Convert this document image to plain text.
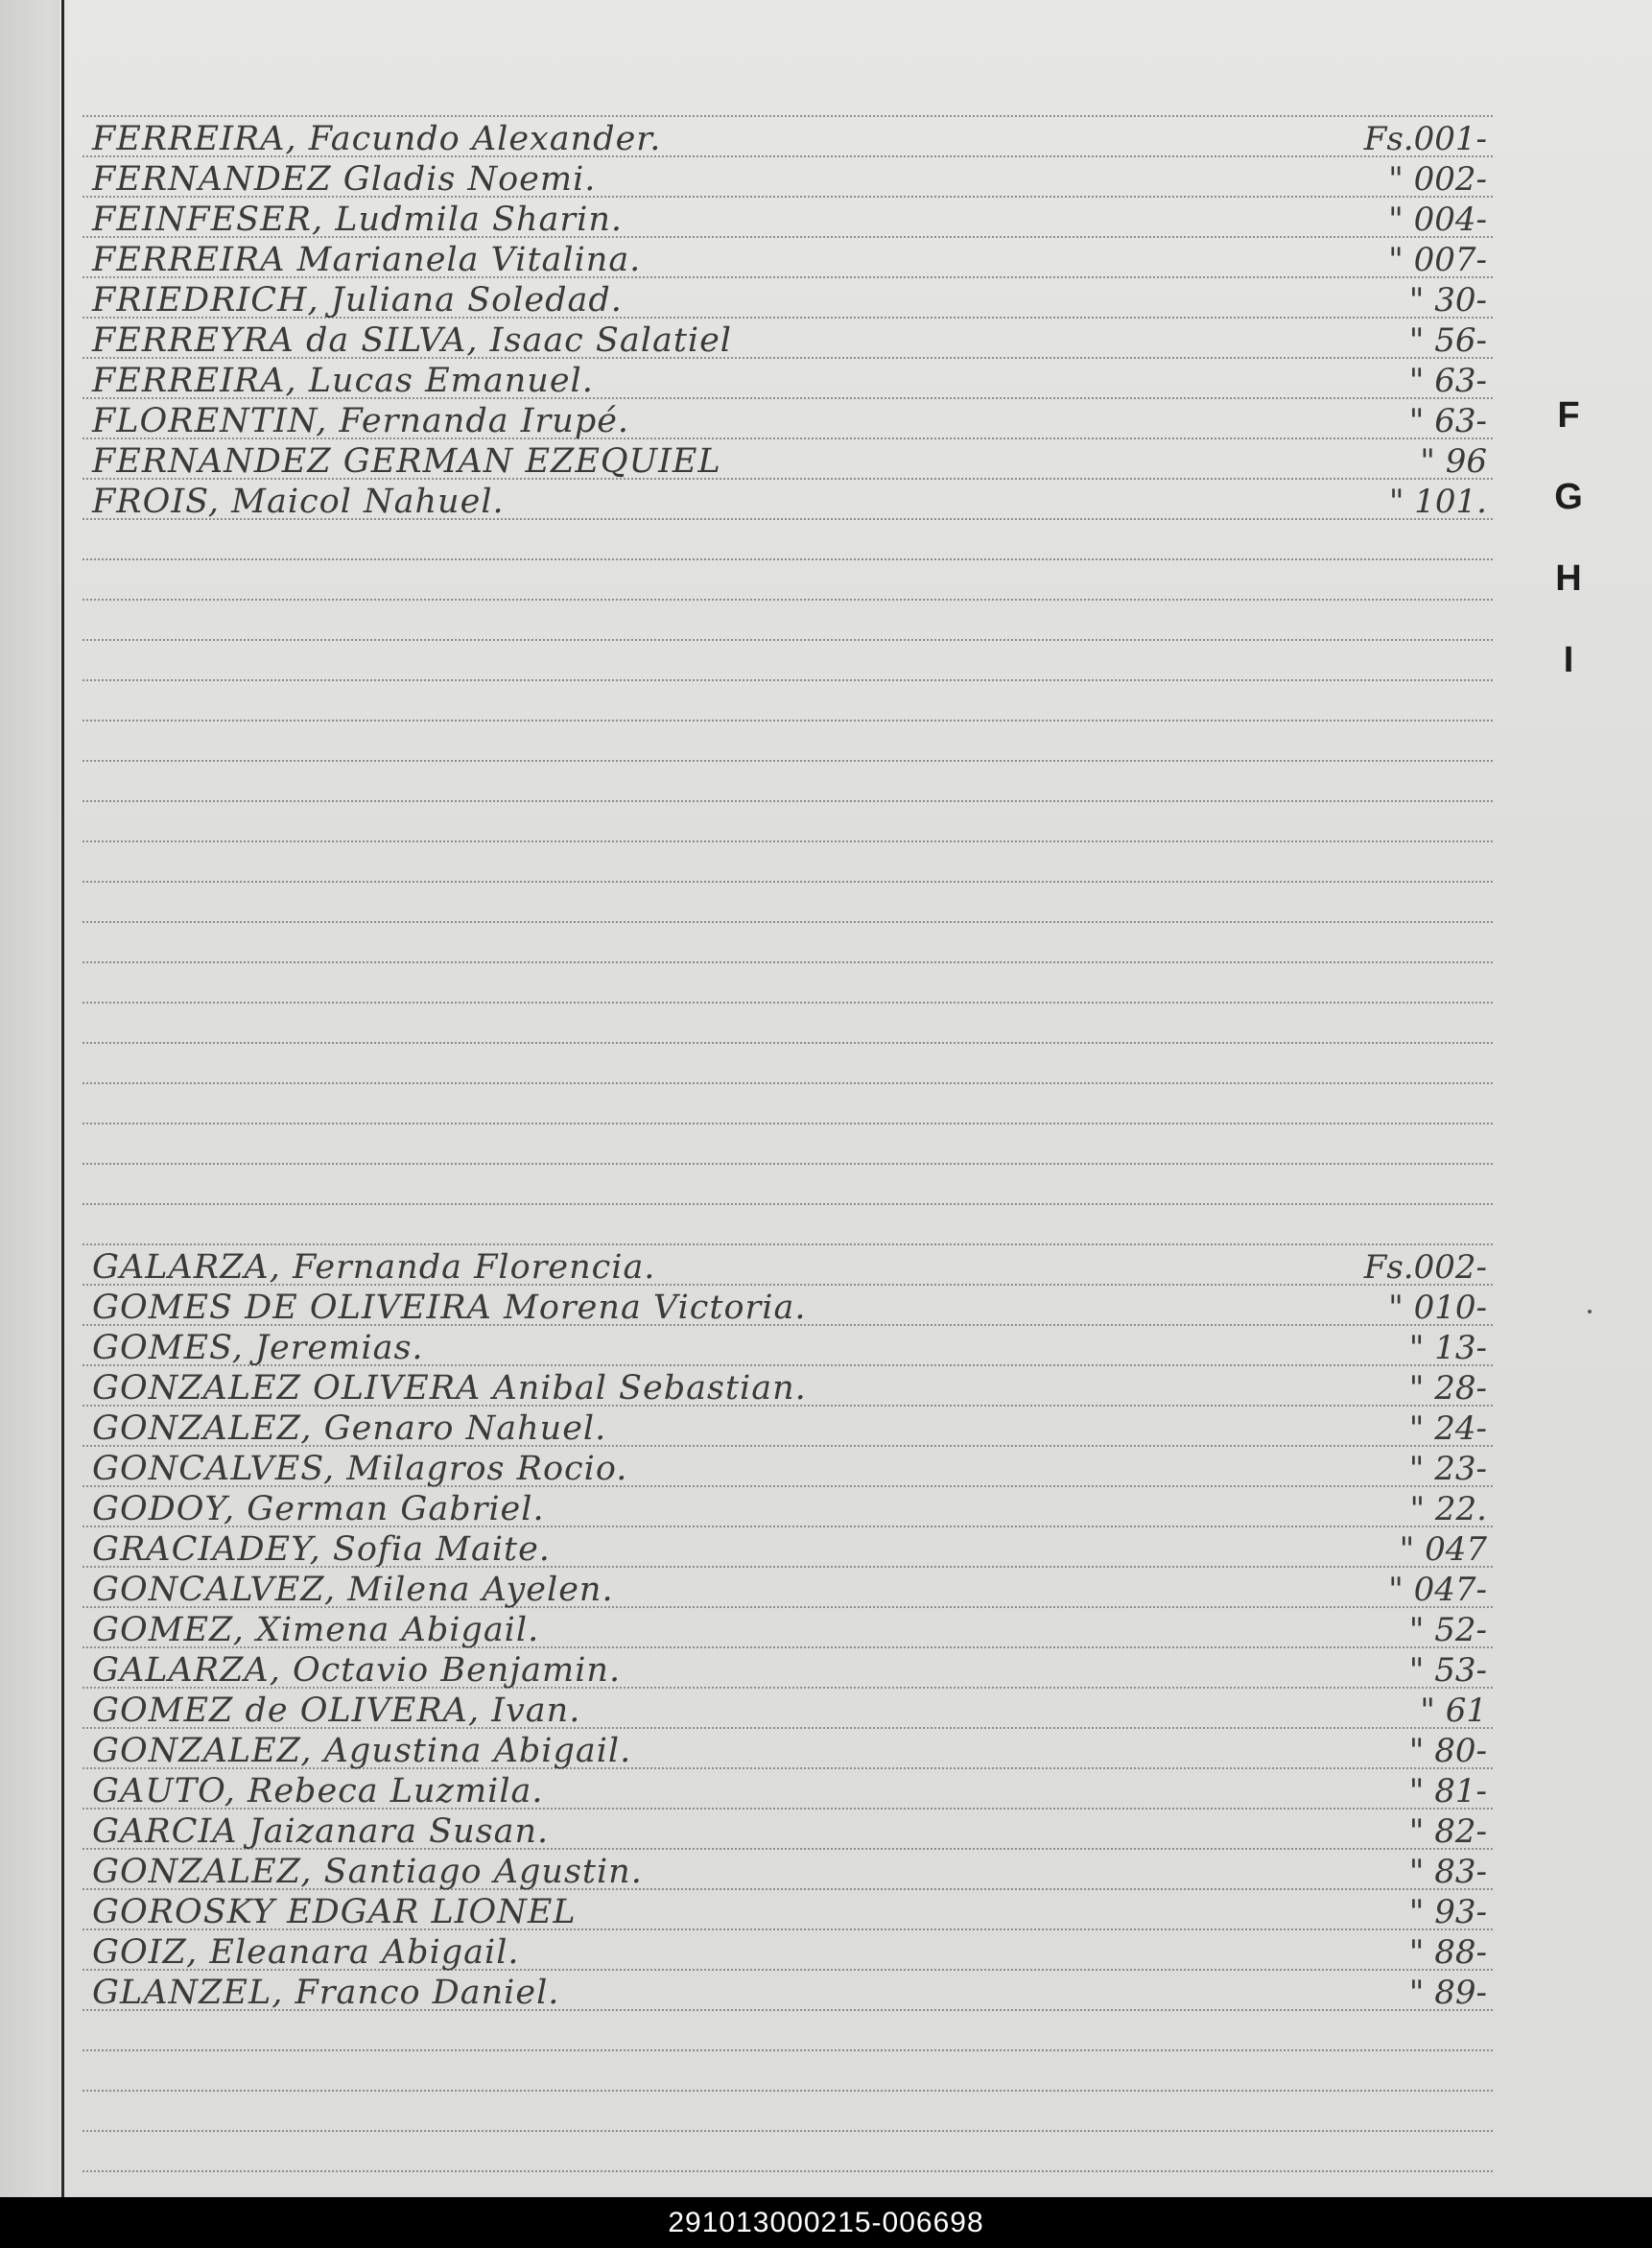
FERREIRA, Facundo Alexander.	Fs.001-
FERNANDEZ Gladis Noemi.	" 002-
FEINFESER, Ludmila Sharin.	" 004-
FERREIRA Marianela Vitalina.	" 007-
FRIEDRICH, Juliana Soledad.	" 30-
FERREYRA da SILVA, Isaac Salatiel	" 56-
FERREIRA, Lucas Emanuel.	" 63-
FLORENTIN, Fernanda Irupé.	" 63-
FERNANDEZ GERMAN EZEQUIEL	" 96
FROIS, Maicol Nahuel.	" 101.
GALARZA, Fernanda Florencia.	Fs.002-
GOMES DE OLIVEIRA Morena Victoria.	" 010-
GOMES, Jeremias.	" 13-
GONZALEZ OLIVERA Anibal Sebastian.	" 28-
GONZALEZ, Genaro Nahuel.	" 24-
GONCALVES, Milagros Rocio.	" 23-
GODOY, German Gabriel.	" 22.
GRACIADEY, Sofia Maite.	" 047
GONCALVEZ, Milena Ayelen.	" 047-
GOMEZ, Ximena Abigail.	" 52-
GALARZA, Octavio Benjamin.	" 53-
GOMEZ de OLIVERA, Ivan.	" 61
GONZALEZ, Agustina Abigail.	" 80-
GAUTO, Rebeca Luzmila.	" 81-
GARCIA Jaizanara Susan.	" 82-
GONZALEZ, Santiago Agustin.	" 83-
GOROSKY EDGAR LIONEL	" 93-
GOIZ, Eleanara Abigail.	" 88-
GLANZEL, Franco Daniel.	" 89-
F
G
H
I
291013000215-006698
